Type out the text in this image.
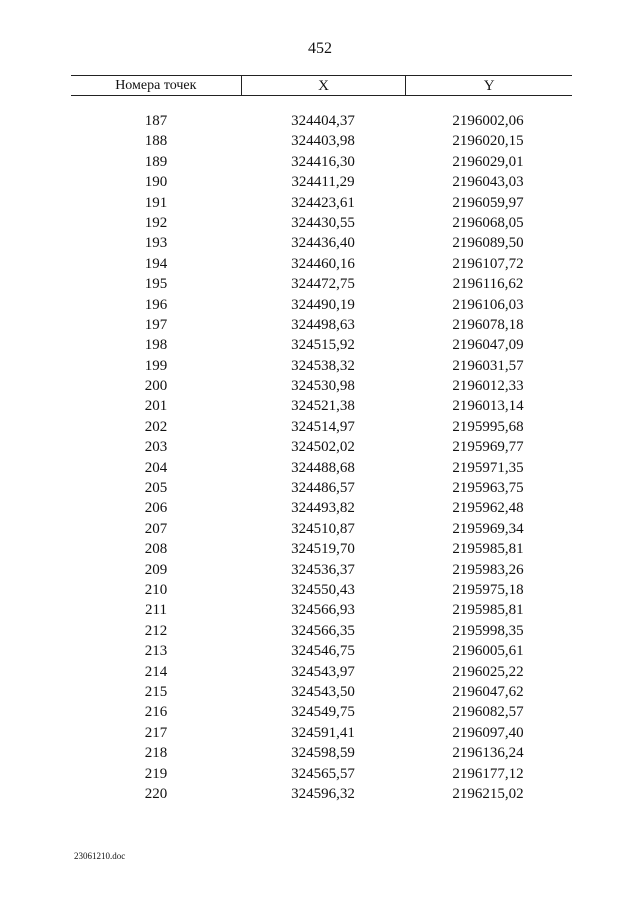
452
Номера точек	X	Y
187	324404,37	2196002,06
188	324403,98	2196020,15
189	324416,30	2196029,01
190	324411,29	2196043,03
191	324423,61	2196059,97
192	324430,55	2196068,05
193	324436,40	2196089,50
194	324460,16	2196107,72
195	324472,75	2196116,62
196	324490,19	2196106,03
197	324498,63	2196078,18
198	324515,92	2196047,09
199	324538,32	2196031,57
200	324530,98	2196012,33
201	324521,38	2196013,14
202	324514,97	2195995,68
203	324502,02	2195969,77
204	324488,68	2195971,35
205	324486,57	2195963,75
206	324493,82	2195962,48
207	324510,87	2195969,34
208	324519,70	2195985,81
209	324536,37	2195983,26
210	324550,43	2195975,18
211	324566,93	2195985,81
212	324566,35	2195998,35
213	324546,75	2196005,61
214	324543,97	2196025,22
215	324543,50	2196047,62
216	324549,75	2196082,57
217	324591,41	2196097,40
218	324598,59	2196136,24
219	324565,57	2196177,12
220	324596,32	2196215,02
23061210.doc
